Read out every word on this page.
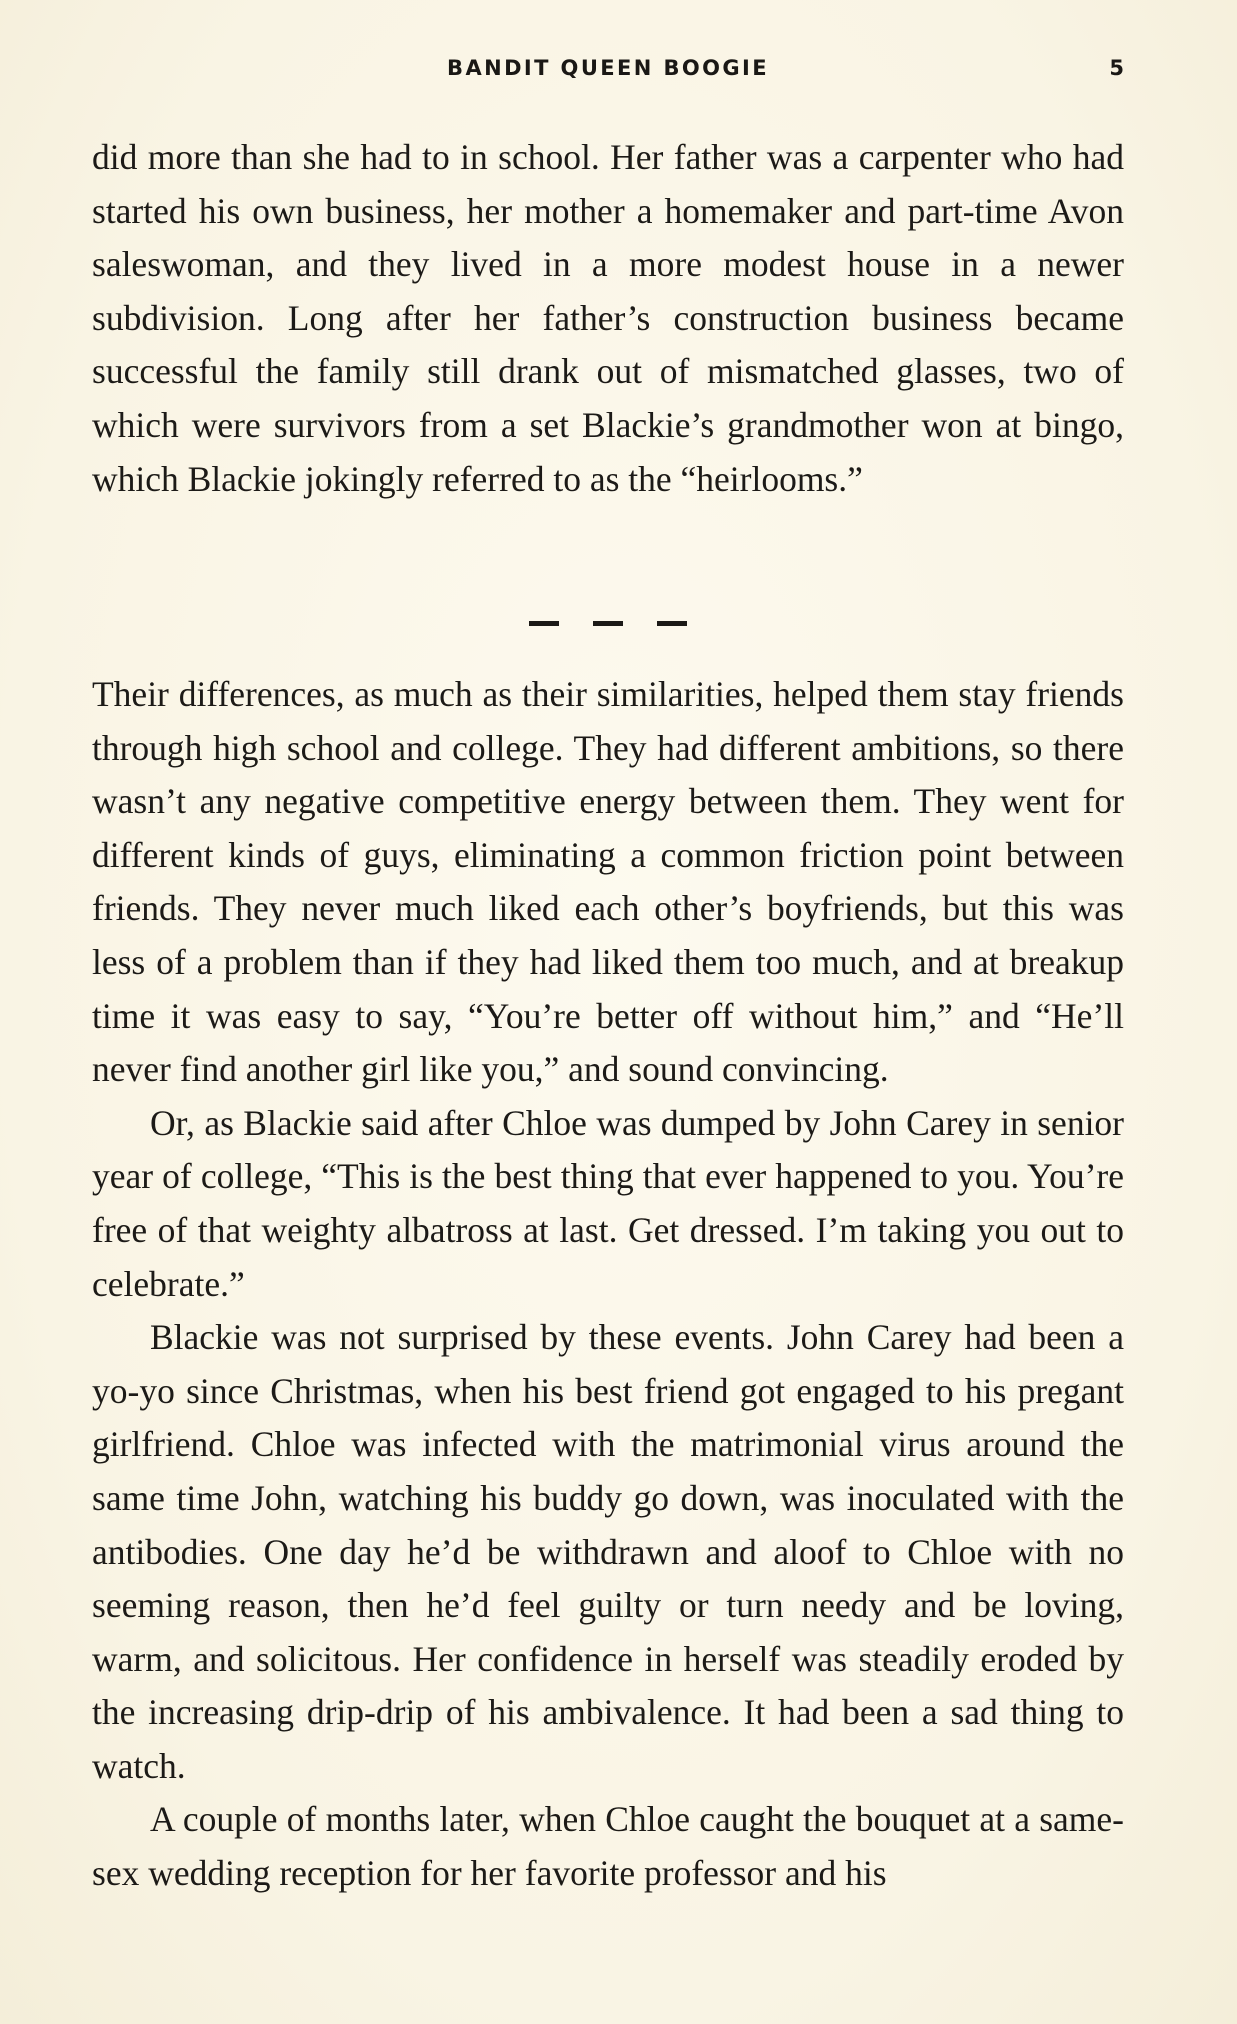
BANDIT QUEEN BOOGIE	5

did more than she had to in school. Her father was a carpenter who had started his own business, her mother a homemaker and part-time Avon saleswoman, and they lived in a more modest house in a newer subdivision. Long after her father’s construction business became successful the family still drank out of mismatched glasses, two of which were survivors from a set Blackie’s grandmother won at bingo, which Blackie jokingly referred to as the “heirlooms.”

Their differences, as much as their similarities, helped them stay friends through high school and college. They had different ambitions, so there wasn’t any negative competitive energy between them. They went for different kinds of guys, eliminating a common friction point between friends. They never much liked each other’s boyfriends, but this was less of a problem than if they had liked them too much, and at breakup time it was easy to say, “You’re better off without him,” and “He’ll never find another girl like you,” and sound convincing.

Or, as Blackie said after Chloe was dumped by John Carey in senior year of college, “This is the best thing that ever happened to you. You’re free of that weighty albatross at last. Get dressed. I’m taking you out to celebrate.”

Blackie was not surprised by these events. John Carey had been a yo-yo since Christmas, when his best friend got engaged to his pregant girlfriend. Chloe was infected with the matrimonial virus around the same time John, watching his buddy go down, was inoculated with the antibodies. One day he’d be withdrawn and aloof to Chloe with no seeming reason, then he’d feel guilty or turn needy and be loving, warm, and solicitous. Her confidence in herself was steadily eroded by the increasing drip-drip of his ambivalence. It had been a sad thing to watch.

A couple of months later, when Chloe caught the bouquet at a same-sex wedding reception for her favorite professor and his
